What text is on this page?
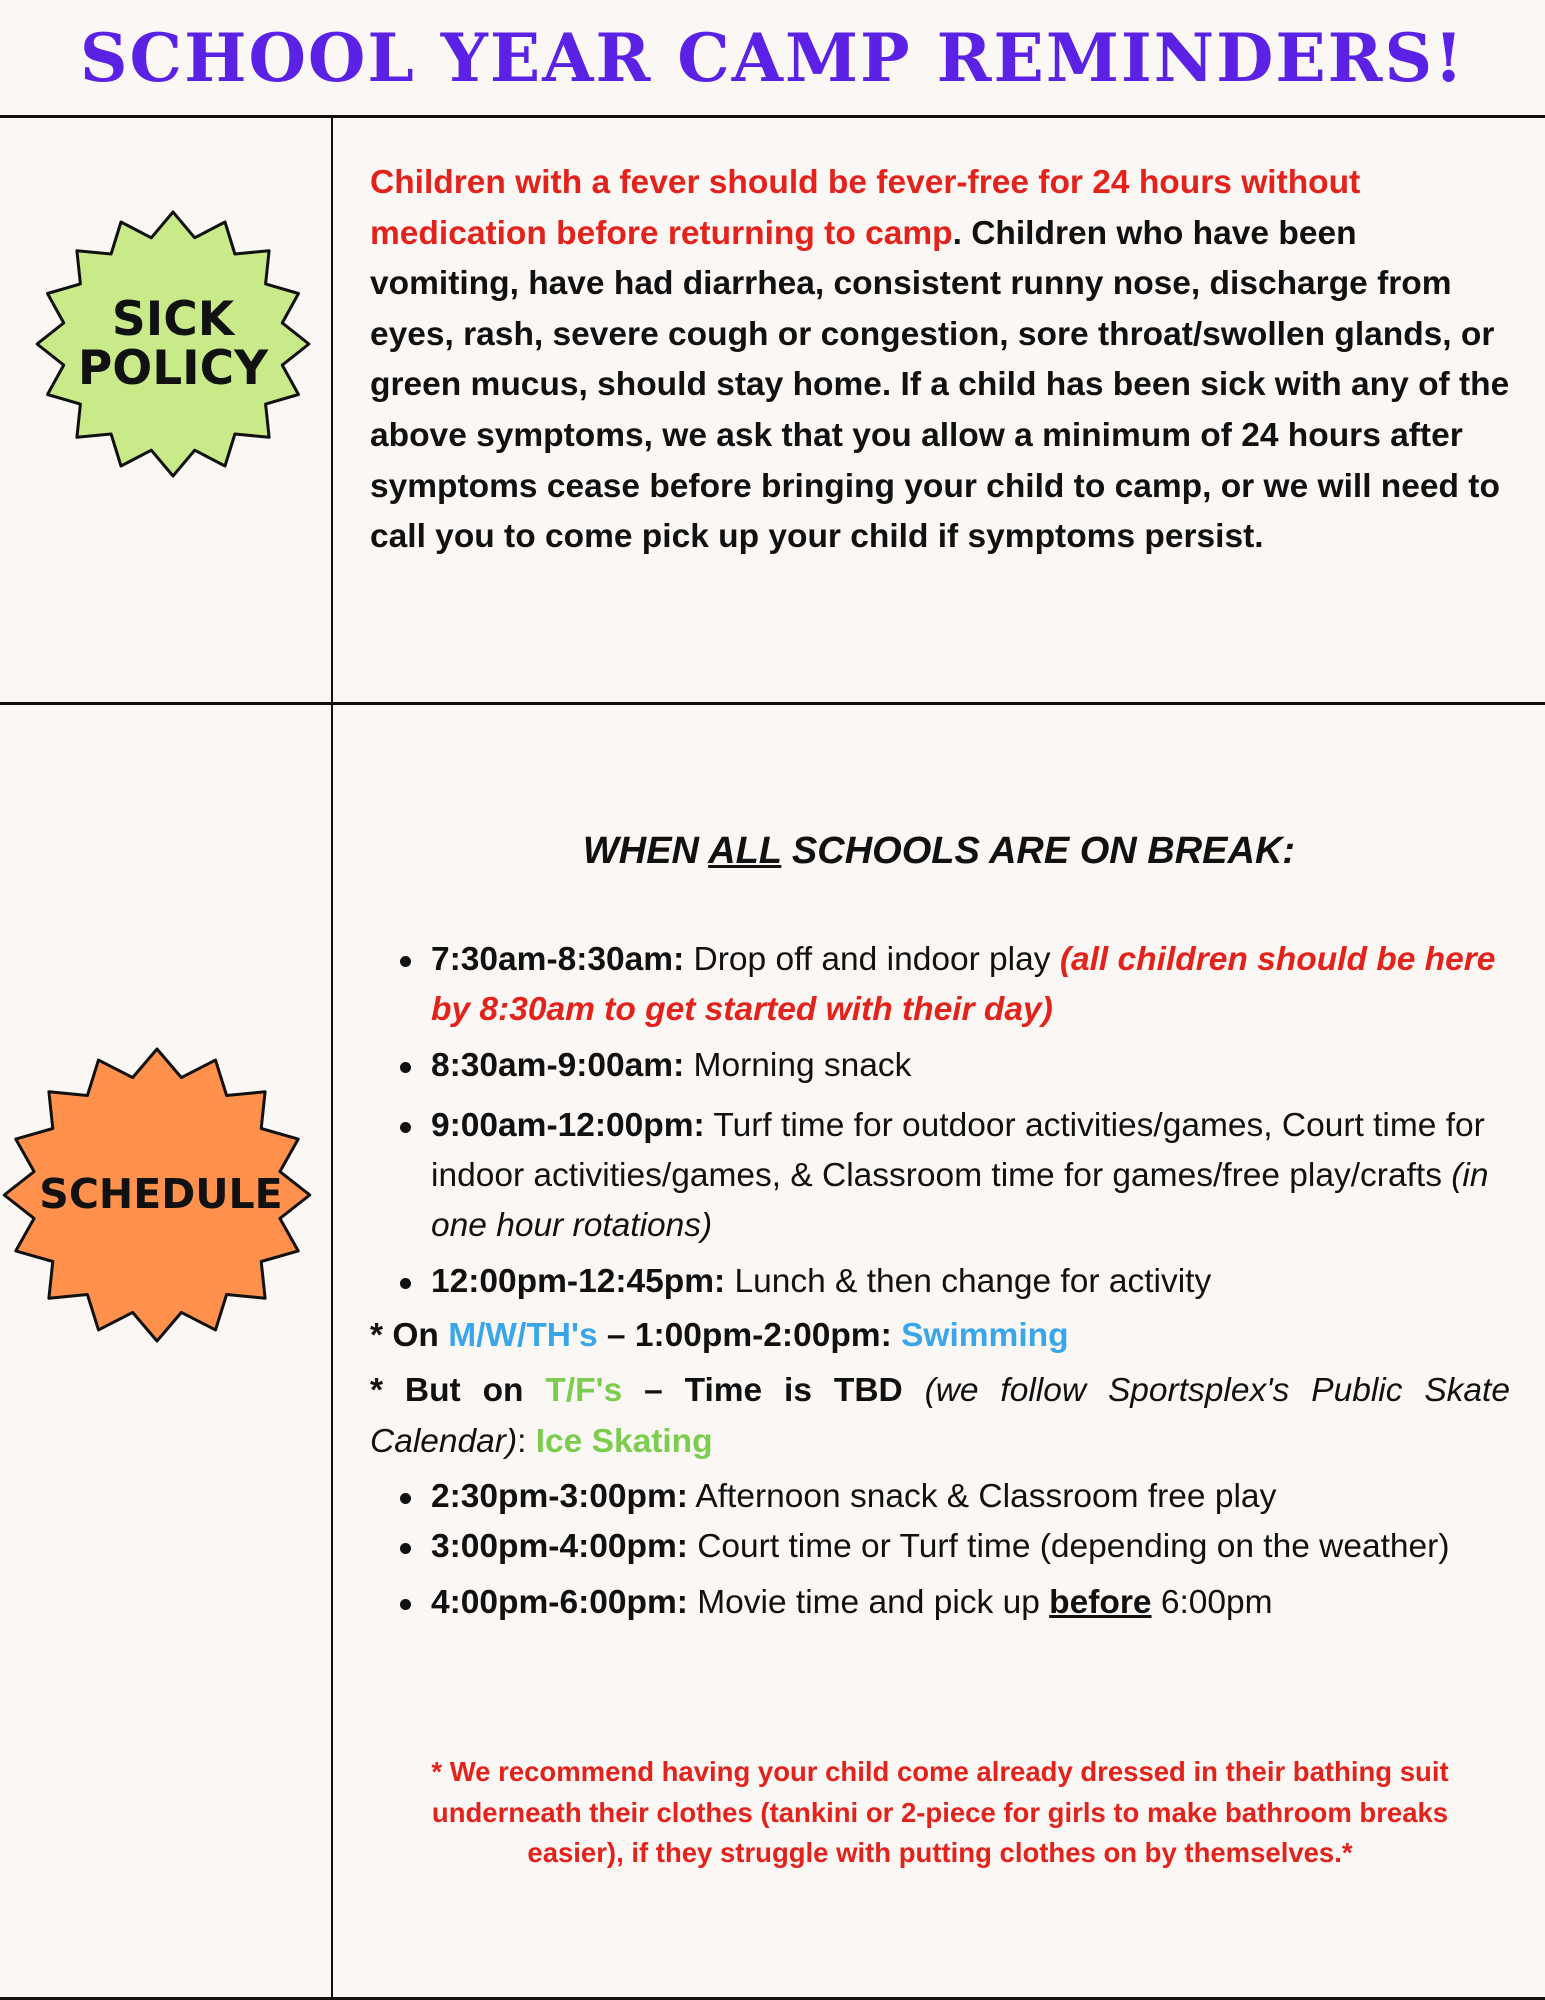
SCHOOL YEAR CAMP REMINDERS!
SICK
POLICY
Children with a fever should be fever-free for 24 hours without medication before returning to camp. Children who have been vomiting, have had diarrhea, consistent runny nose, discharge from eyes, rash, severe cough or congestion, sore throat/swollen glands, or green mucus, should stay home. If a child has been sick with any of the above symptoms, we ask that you allow a minimum of 24 hours after symptoms cease before bringing your child to camp, or we will need to call you to come pick up your child if symptoms persist.
SCHEDULE
WHEN ALL SCHOOLS ARE ON BREAK:
7:30am-8:30am: Drop off and indoor play (all children should be here by 8:30am to get started with their day)
8:30am-9:00am: Morning snack
9:00am-12:00pm: Turf time for outdoor activities/games, Court time for indoor activities/games, & Classroom time for games/free play/crafts (in one hour rotations)
12:00pm-12:45pm: Lunch & then change for activity
* On M/W/TH's – 1:00pm-2:00pm: Swimming
* But on T/F's – Time is TBD (we follow Sportsplex's Public Skate Calendar): Ice Skating
2:30pm-3:00pm: Afternoon snack & Classroom free play
3:00pm-4:00pm: Court time or Turf time (depending on the weather)
4:00pm-6:00pm: Movie time and pick up before 6:00pm
* We recommend having your child come already dressed in their bathing suit underneath their clothes (tankini or 2-piece for girls to make bathroom breaks easier), if they struggle with putting clothes on by themselves.*
